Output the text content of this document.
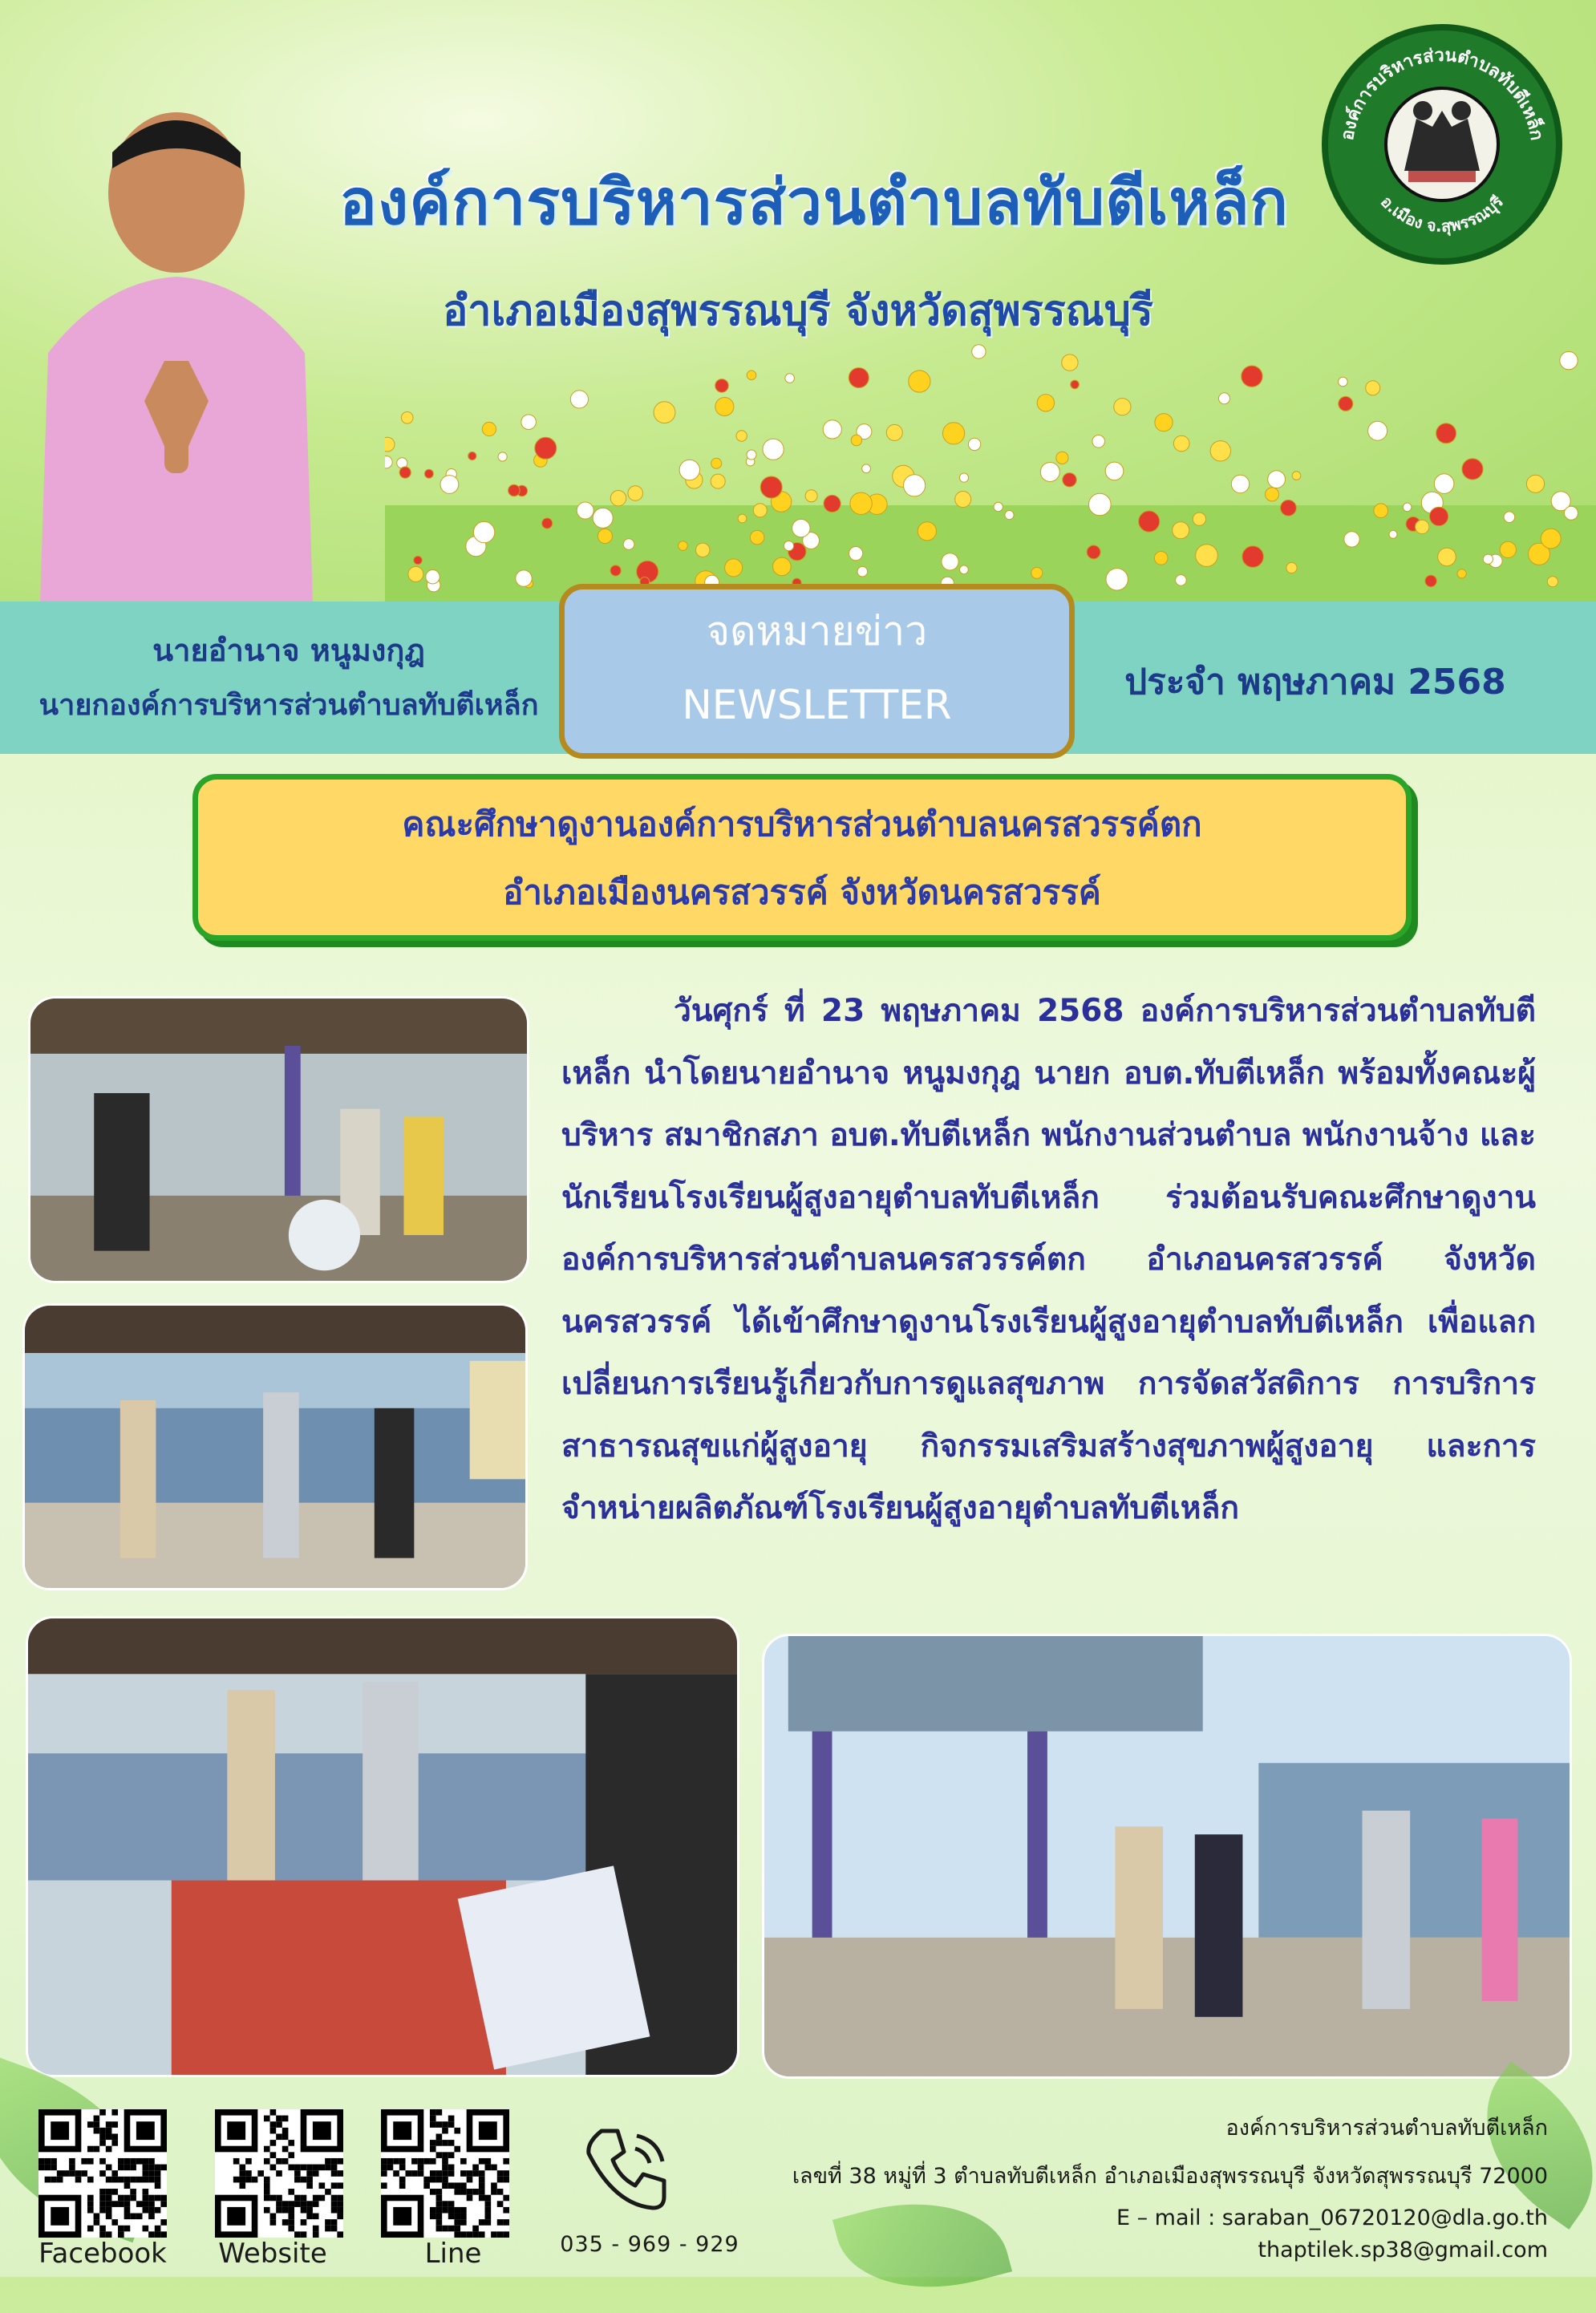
องค์การบริหารส่วนตำบลทับตีเหล็ก
อำเภอเมืองสุพรรณบุรี จังหวัดสุพรรณบุรี
องค์การบริหารส่วนตำบลทับตีเหล็ก
อ.เมือง จ.สุพรรณบุรี
นายอำนาจ หนูมงกุฎ
นายกองค์การบริหารส่วนตำบลทับตีเหล็ก
จดหมายข่าว
NEWSLETTER	ประจำ พฤษภาคม 2568
คณะศึกษาดูงานองค์การบริหารส่วนตำบลนครสวรรค์ตก
อำเภอเมืองนครสวรรค์ จังหวัดนครสวรรค์
วันศุกร์ ที่ 23 พฤษภาคม 2568 องค์การบริหารส่วนตำบลทับตีเหล็ก นำโดยนายอำนาจ หนูมงกุฎ นายก อบต.ทับตีเหล็ก พร้อมทั้งคณะผู้บริหาร สมาชิกสภา อบต.ทับตีเหล็ก พนักงานส่วนตำบล พนักงานจ้าง และนักเรียนโรงเรียนผู้สูงอายุตำบลทับตีเหล็ก ร่วมต้อนรับคณะศึกษาดูงานองค์การบริหารส่วนตำบลนครสวรรค์ตก อำเภอนครสวรรค์ จังหวัดนครสวรรค์ ได้เข้าศึกษาดูงานโรงเรียนผู้สูงอายุตำบลทับตีเหล็ก เพื่อแลกเปลี่ยนการเรียนรู้เกี่ยวกับการดูแลสุขภาพ การจัดสวัสดิการ การบริการสาธารณสุขแก่ผู้สูงอายุ กิจกรรมเสริมสร้างสุขภาพผู้สูงอายุ และการจำหน่ายผลิตภัณฑ์โรงเรียนผู้สูงอายุตำบลทับตีเหล็ก
Facebook	Website	Line	035 - 969 - 929
องค์การบริหารส่วนตำบลทับตีเหล็ก
เลขที่ 38 หมู่ที่ 3 ตำบลทับตีเหล็ก อำเภอเมืองสุพรรณบุรี จังหวัดสุพรรณบุรี 72000
E – mail : saraban_06720120@dla.go.th
thaptilek.sp38@gmail.com
